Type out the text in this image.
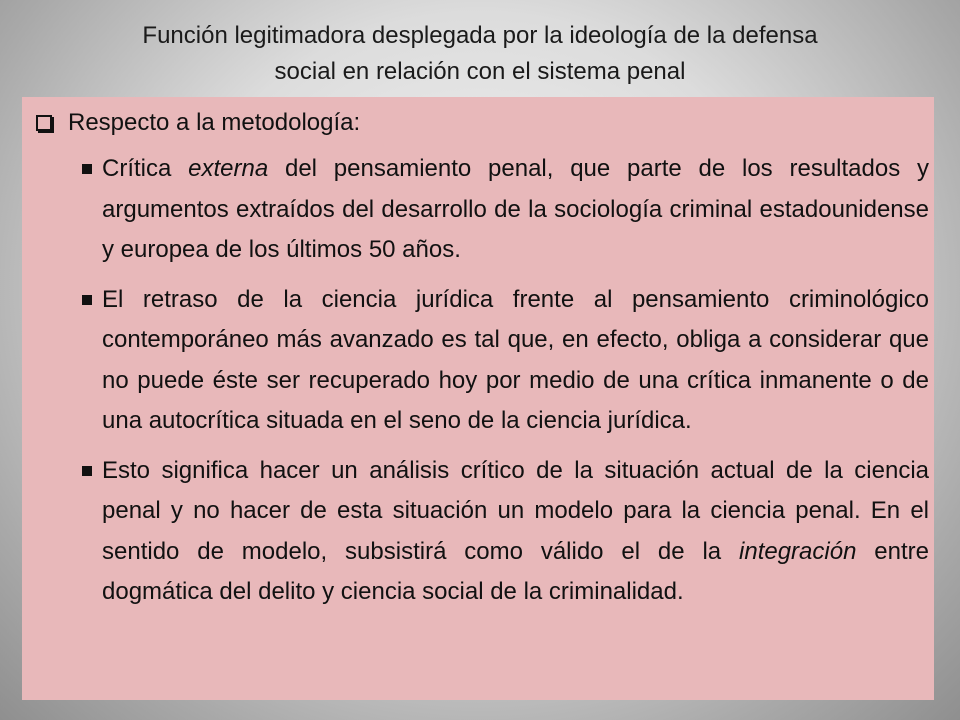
Función legitimadora desplegada por la ideología de la defensa
social en relación con el sistema penal
Respecto a la metodología:
Crítica externa del pensamiento penal, que parte de los resultados y argumentos extraídos del desarrollo de la sociología criminal estadounidense y europea de los últimos 50 años.
El retraso de la ciencia jurídica frente al pensamiento criminológico contemporáneo más avanzado es tal que, en efecto, obliga a considerar que no puede éste ser recuperado hoy por medio de una crítica inmanente o de una autocrítica situada en el seno de la ciencia jurídica.
Esto significa hacer un análisis crítico de la situación actual de la ciencia penal y no hacer de esta situación un modelo para la ciencia penal. En el sentido de modelo, subsistirá como válido el de la integración entre dogmática del delito y ciencia social de la criminalidad.
